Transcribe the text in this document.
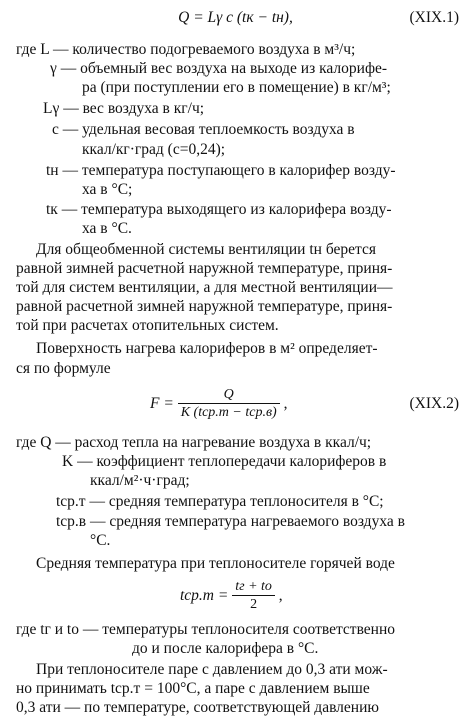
Q = Lγ c (tк − tн),	(XIX.1)
где L — количество подогреваемого воздуха в м³/ч;
γ — объемный вес воздуха на выходе из калорифе-
ра (при поступлении его в помещение) в кг/м³;
Lγ — вес воздуха в кг/ч;
c — удельная весовая теплоемкость воздуха в
ккал/кг·град (c=0,24);
tн — температура поступающего в калорифер возду-
ха в °С;
tк — температура выходящего из калорифера возду-
ха в °С.
Для общеобменной системы вентиляции tн берется
равной зимней расчетной наружной температуре, приня-
той для систем вентиляции, а для местной вентиляции—
равной расчетной зимней наружной температуре, приня-
той при расчетах отопительных систем.
Поверхность нагрева калориферов в м² определяет-
ся по формуле
$F = \frac{Q}{\text{K (tср.т − tср.в)}}$ ,	(XIX.2)
где Q — расход тепла на нагревание воздуха в ккал/ч;
K — коэффициент теплопередачи калориферов в
ккал/м²·ч·град;
tср.т — средняя температура теплоносителя в °С;
tср.в — средняя температура нагреваемого воздуха в
°С.
Средняя температура при теплоносителе горячей воде
$tср.т = \frac{tг + tо}{2}$ ,
где tг и tо — температуры теплоносителя соответственно
до и после калорифера в °С.
При теплоносителе паре с давлением до 0,3 ати мож-
но принимать tср.т = 100°С, а паре с давлением выше
0,3 ати — по температуре, соответствующей давлению
